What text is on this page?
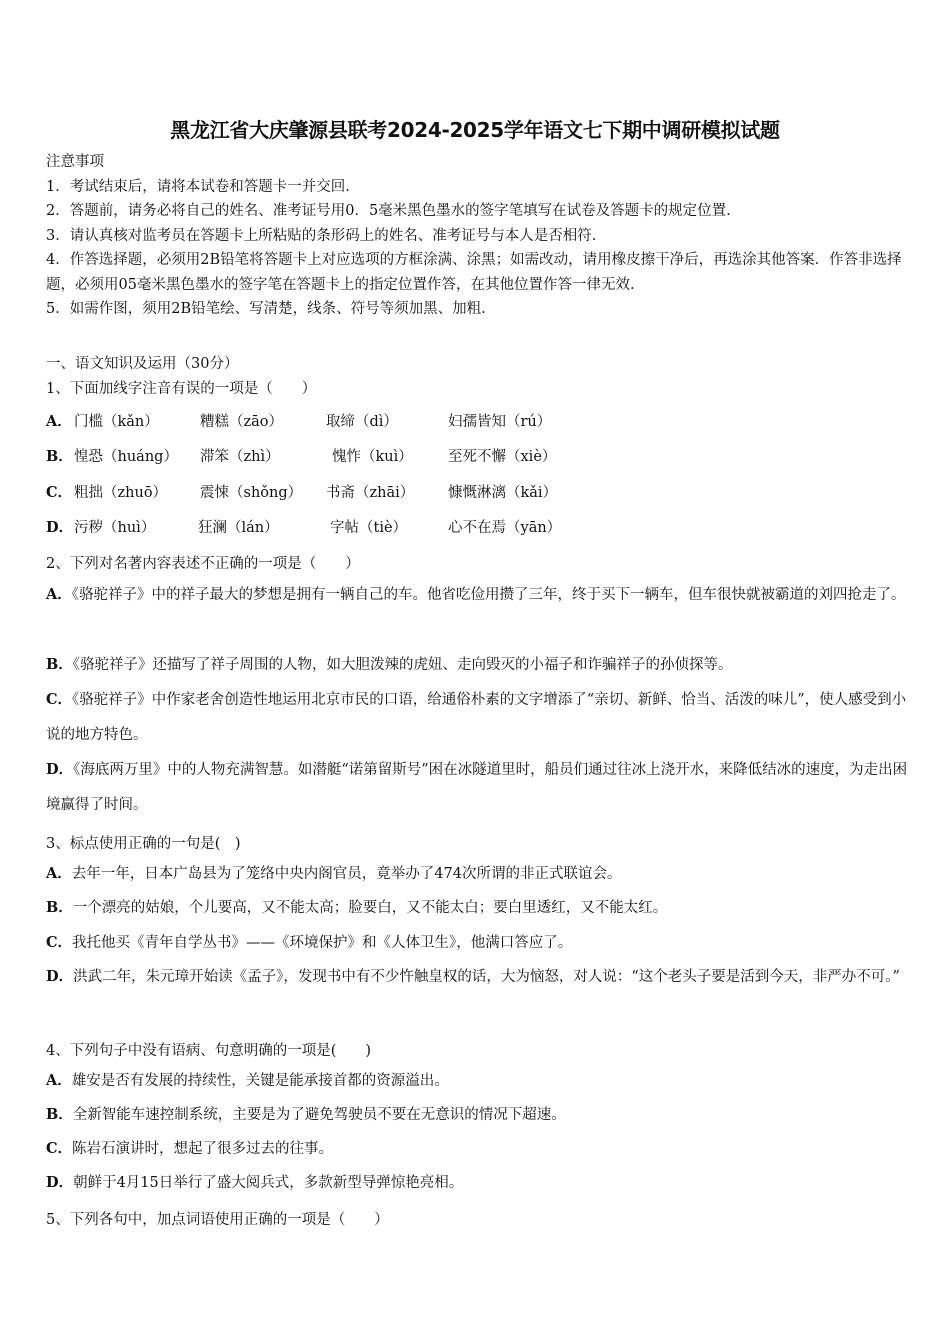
黑龙江省大庆肇源县联考2024-2025学年语文七下期中调研模拟试题
注意事项
1．考试结束后，请将本试卷和答题卡一并交回.
2．答题前，请务必将自己的姓名、准考证号用0．5毫米黑色墨水的签字笔填写在试卷及答题卡的规定位置.
3．请认真核对监考员在答题卡上所粘贴的条形码上的姓名、准考证号与本人是否相符.
4．作答选择题，必须用2B铅笔将答题卡上对应选项的方框涂满、涂黑；如需改动，请用橡皮擦干净后，再选涂其他答案．作答非选择题，必须用05毫米黑色墨水的签字笔在答题卡上的指定位置作答，在其他位置作答一律无效.
5．如需作图，须用2B铅笔绘、写清楚，线条、符号等须加黑、加粗.
一、语文知识及运用（30分）
1、下面加线字注音有误的一项是（　　）
A． 门槛（kǎn）	糟糕（zāo）	取缔（dì）	妇孺皆知（rú）
B． 惶恐（huáng） 滞笨（zhì）	愧怍（kuì） 至死不懈（xiè）
C． 粗拙（zhuō） 震悚（shǒng） 书斋（zhāi） 慷慨淋漓（kǎi）
D． 污秽（huì）	狂澜（lán）	字帖（tiè）	心不在焉（yān）
2、下列对名著内容表述不正确的一项是（　　）
A．《骆驼祥子》中的祥子最大的梦想是拥有一辆自己的车。他省吃俭用攒了三年，终于买下一辆车，但车很快就被霸道的刘四抢走了。
B．《骆驼祥子》还描写了祥子周围的人物，如大胆泼辣的虎妞、走向毁灭的小福子和诈骗祥子的孙侦探等。
C．《骆驼祥子》中作家老舍创造性地运用北京市民的口语，给通俗朴素的文字增添了“亲切、新鲜、恰当、活泼的味儿”，使人感受到小说的地方特色。
D．《海底两万里》中的人物充满智慧。如潜艇“诺第留斯号”困在冰隧道里时，船员们通过往冰上浇开水，来降低结冰的速度，为走出困境赢得了时间。
3、标点使用正确的一句是(　)
A．去年一年，日本广岛县为了笼络中央内阁官员，竟举办了474次所谓的非正式联谊会。
B．一个漂亮的姑娘，个儿要高，又不能太高；脸要白，又不能太白；要白里透红，又不能太红。
C．我托他买《青年自学丛书》——《环境保护》和《人体卫生》，他满口答应了。
D．洪武二年，朱元璋开始读《孟子》，发现书中有不少忤触皇权的话，大为恼怒，对人说：“这个老头子要是活到今天，非严办不可。”
4、下列句子中没有语病、句意明确的一项是(　　)
A．雄安是否有发展的持续性，关键是能承接首都的资源溢出。
B．全新智能车速控制系统，主要是为了避免驾驶员不要在无意识的情况下超速。
C．陈岩石演讲时，想起了很多过去的往事。
D．朝鲜于4月15日举行了盛大阅兵式，多款新型导弹惊艳亮相。
5、下列各句中，加点词语使用正确的一项是（　　）
